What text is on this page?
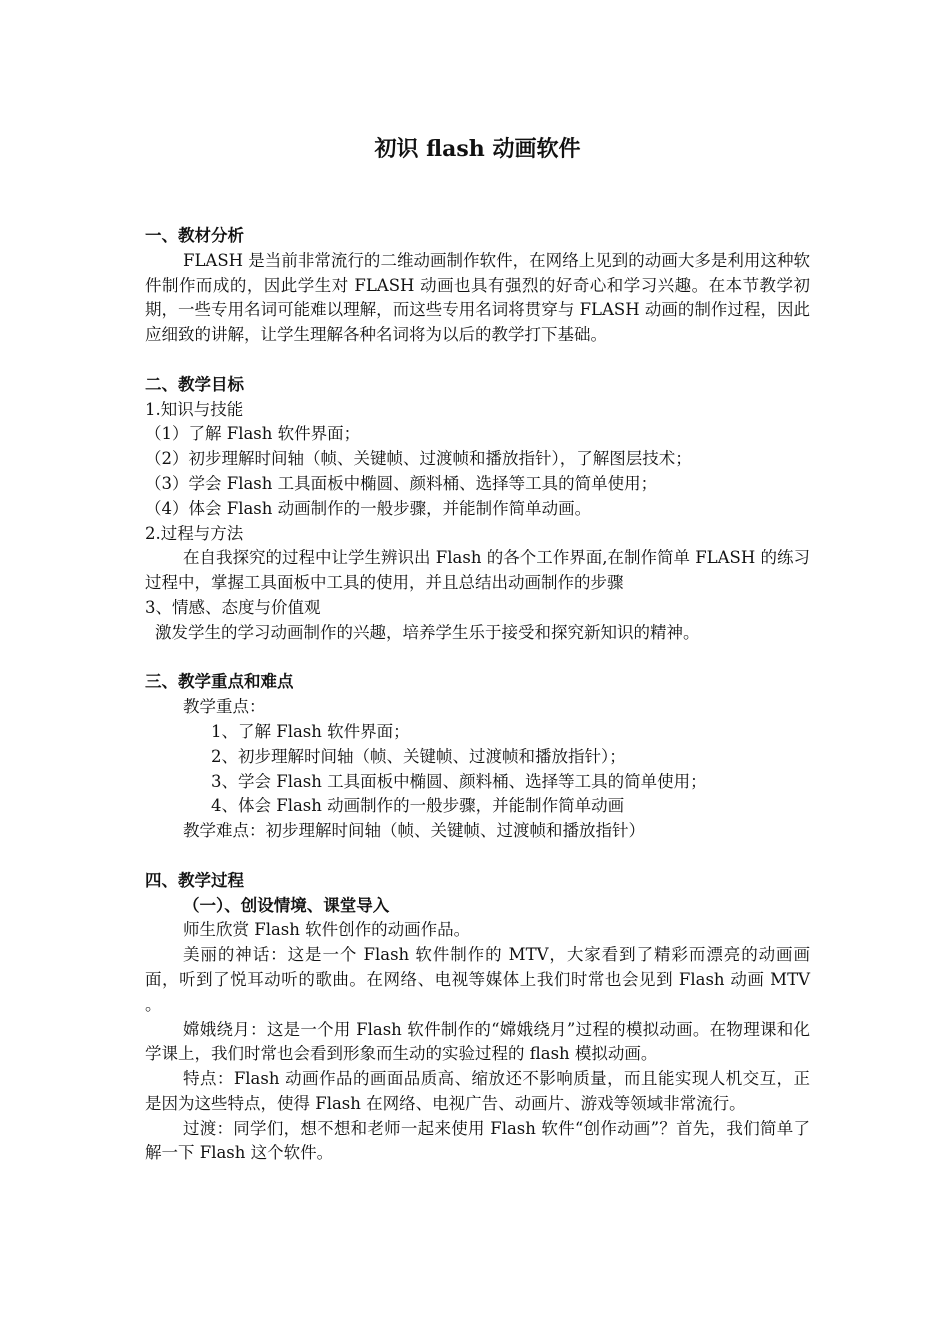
初识 flash 动画软件
一、教材分析
FLASH 是当前非常流行的二维动画制作软件，在网络上见到的动画大多是利用这种软件制作而成的，因此学生对 FLASH 动画也具有强烈的好奇心和学习兴趣。在本节教学初期，一些专用名词可能难以理解，而这些专用名词将贯穿与 FLASH 动画的制作过程，因此应细致的讲解，让学生理解各种名词将为以后的教学打下基础。
二、教学目标
1.知识与技能
（1）了解 Flash 软件界面；
（2）初步理解时间轴（帧、关键帧、过渡帧和播放指针），了解图层技术；
（3）学会 Flash 工具面板中椭圆、颜料桶、选择等工具的简单使用；
（4）体会 Flash 动画制作的一般步骤，并能制作简单动画。
2.过程与方法
在自我探究的过程中让学生辨识出 Flash 的各个工作界面,在制作简单 FLASH 的练习过程中，掌握工具面板中工具的使用，并且总结出动画制作的步骤
3、情感、态度与价值观
激发学生的学习动画制作的兴趣，培养学生乐于接受和探究新知识的精神。
三、教学重点和难点
教学重点：
1、了解 Flash 软件界面；
2、初步理解时间轴（帧、关键帧、过渡帧和播放指针）；
3、学会 Flash 工具面板中椭圆、颜料桶、选择等工具的简单使用；
4、体会 Flash 动画制作的一般步骤，并能制作简单动画
教学难点：初步理解时间轴（帧、关键帧、过渡帧和播放指针）
四、教学过程
（一）、创设情境、课堂导入
师生欣赏 Flash 软件创作的动画作品。
美丽的神话：这是一个 Flash 软件制作的 MTV，大家看到了精彩而漂亮的动画画面，听到了悦耳动听的歌曲。在网络、电视等媒体上我们时常也会见到 Flash 动画 MTV 。
嫦娥绕月：这是一个用 Flash 软件制作的“嫦娥绕月”过程的模拟动画。在物理课和化学课上，我们时常也会看到形象而生动的实验过程的 flash 模拟动画。
特点：Flash 动画作品的画面品质高、缩放还不影响质量，而且能实现人机交互，正是因为这些特点，使得 Flash 在网络、电视广告、动画片、游戏等领域非常流行。
过渡：同学们，想不想和老师一起来使用 Flash 软件“创作动画”？首先，我们简单了解一下 Flash 这个软件。
